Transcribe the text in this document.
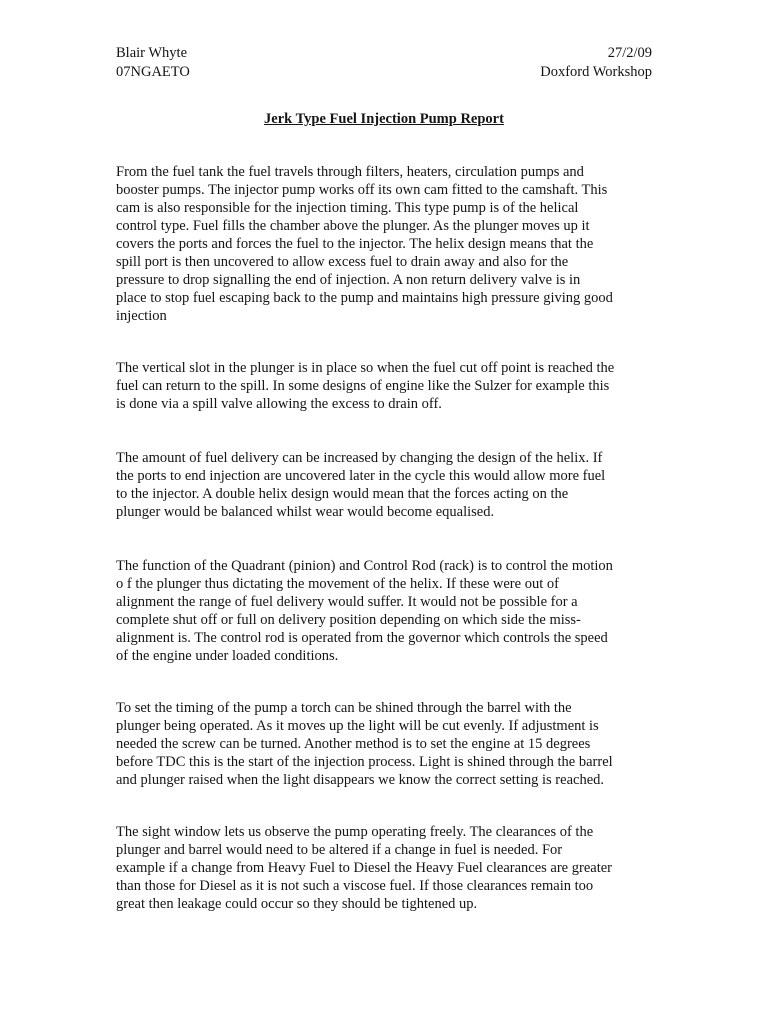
Blair Whyte
07NGAETO
27/2/09
Doxford Workshop
Jerk Type Fuel Injection Pump Report

From the fuel tank the fuel travels through filters, heaters, circulation pumps and
booster pumps. The injector pump works off its own cam fitted to the camshaft. This
cam is also responsible for the injection timing. This type pump is of the helical
control type. Fuel fills the chamber above the plunger. As the plunger moves up it
covers the ports and forces the fuel to the injector. The helix design means that the
spill port is then uncovered to allow excess fuel to drain away and also for the
pressure to drop signalling the end of injection. A non return delivery valve is in
place to stop fuel escaping back to the pump and maintains high pressure giving good
injection

The vertical slot in the plunger is in place so when the fuel cut off point is reached the
fuel can return to the spill. In some designs of engine like the Sulzer for example this
is done via a spill valve allowing the excess to drain off.

The amount of fuel delivery can be increased by changing the design of the helix. If
the ports to end injection are uncovered later in the cycle this would allow more fuel
to the injector. A double helix design would mean that the forces acting on the
plunger would be balanced whilst wear would become equalised.

The function of the Quadrant (pinion) and Control Rod (rack) is to control the motion
o f the plunger thus dictating the movement of the helix. If these were out of
alignment the range of fuel delivery would suffer. It would not be possible for a
complete shut off or full on delivery position depending on which side the miss-
alignment is. The control rod is operated from the governor which controls the speed
of the engine under loaded conditions.

To set the timing of the pump a torch can be shined through the barrel with the
plunger being operated. As it moves up the light will be cut evenly. If adjustment is
needed the screw can be turned. Another method is to set the engine at 15 degrees
before TDC this is the start of the injection process. Light is shined through the barrel
and plunger raised when the light disappears we know the correct setting is reached.

The sight window lets us observe the pump operating freely. The clearances of the
plunger and barrel would need to be altered if a change in fuel is needed. For
example if a change from Heavy Fuel to Diesel the Heavy Fuel clearances are greater
than those for Diesel as it is not such a viscose fuel. If those clearances remain too
great then leakage could occur so they should be tightened up.
